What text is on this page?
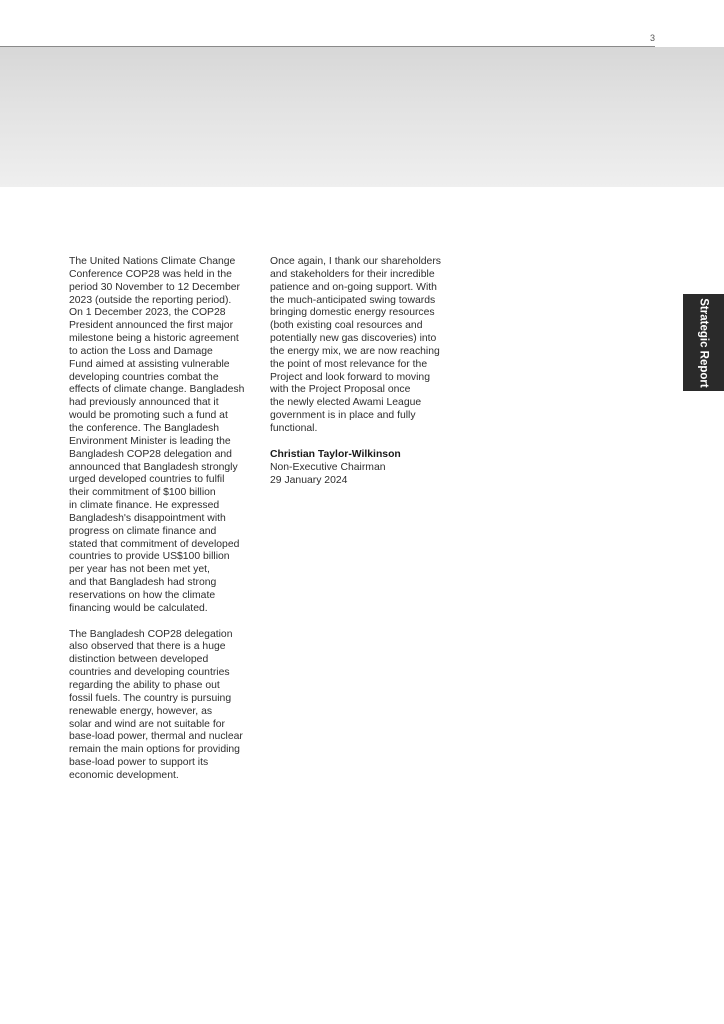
3

The United Nations Climate Change
Conference COP28 was held in the
period 30 November to 12 December
2023 (outside the reporting period).
On 1 December 2023, the COP28
President announced the first major
milestone being a historic agreement
to action the Loss and Damage
Fund aimed at assisting vulnerable
developing countries combat the
effects of climate change. Bangladesh
had previously announced that it
would be promoting such a fund at
the conference. The Bangladesh
Environment Minister is leading the
Bangladesh COP28 delegation and
announced that Bangladesh strongly
urged developed countries to fulfil
their commitment of $100 billion
in climate finance. He expressed
Bangladesh's disappointment with
progress on climate finance and
stated that commitment of developed
countries to provide US$100 billion
per year has not been met yet,
and that Bangladesh had strong
reservations on how the climate
financing would be calculated.

The Bangladesh COP28 delegation
also observed that there is a huge
distinction between developed
countries and developing countries
regarding the ability to phase out
fossil fuels. The country is pursuing
renewable energy, however, as
solar and wind are not suitable for
base-load power, thermal and nuclear
remain the main options for providing
base-load power to support its
economic development.

Once again, I thank our shareholders
and stakeholders for their incredible
patience and on-going support. With
the much-anticipated swing towards
bringing domestic energy resources
(both existing coal resources and
potentially new gas discoveries) into
the energy mix, we are now reaching
the point of most relevance for the
Project and look forward to moving
with the Project Proposal once
the newly elected Awami League
government is in place and fully
functional.

Christian Taylor-Wilkinson
Non-Executive Chairman
29 January 2024
Strategic Report
